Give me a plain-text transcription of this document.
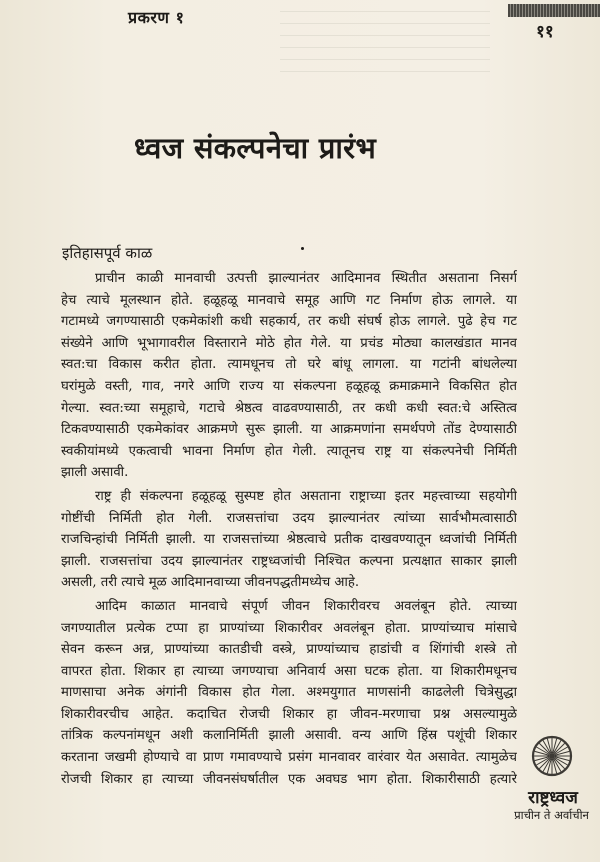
प्रकरण १
११
ध्वज संकल्पनेचा प्रारंभ
इतिहासपूर्व काळ
प्राचीन काळी मानवाची उत्पत्ती झाल्यानंतर आदिमानव स्थितीत असताना निसर्ग
हेच त्याचे मूलस्थान होते. हळूहळू मानवाचे समूह आणि गट निर्माण होऊ लागले. या
गटामध्ये जगण्यासाठी एकमेकांशी कधी सहकार्य, तर कधी संघर्ष होऊ लागले. पुढे हेच गट
संख्येने आणि भूभागावरील विस्ताराने मोठे होत गेले. या प्रचंड मोठ्या कालखंडात मानव
स्वत:चा विकास करीत होता. त्यामधूनच तो घरे बांधू लागला. या गटांनी बांधलेल्या
घरांमुळे वस्ती, गाव, नगरे आणि राज्य या संकल्पना हळूहळू क्रमाक्रमाने विकसित होत
गेल्या. स्वत:च्या समूहाचे, गटाचे श्रेष्ठत्व वाढवण्यासाठी, तर कधी कधी स्वत:चे अस्तित्व
टिकवण्यासाठी एकमेकांवर आक्रमणे सुरू झाली. या आक्रमणांना समर्थपणे तोंड देण्यासाठी
स्वकीयांमध्ये एकत्वाची भावना निर्माण होत गेली. त्यातूनच राष्ट्र या संकल्पनेची निर्मिती
झाली असावी.
राष्ट्र ही संकल्पना हळूहळू सुस्पष्ट होत असताना राष्ट्राच्या इतर महत्त्वाच्या सहयोगी
गोष्टींची निर्मिती होत गेली. राजसत्तांचा उदय झाल्यानंतर त्यांच्या सार्वभौमत्वासाठी
राजचिन्हांची निर्मिती झाली. या राजसत्तांच्या श्रेष्ठत्वाचे प्रतीक दाखवण्यातून ध्वजांची निर्मिती
झाली. राजसत्तांचा उदय झाल्यानंतर राष्ट्रध्वजांची निश्चित कल्पना प्रत्यक्षात साकार झाली
असली, तरी त्याचे मूळ आदिमानवाच्या जीवनपद्धतीमध्येच आहे.
आदिम काळात मानवाचे संपूर्ण जीवन शिकारीवरच अवलंबून होते. त्याच्या
जगण्यातील प्रत्येक टप्पा हा प्राण्यांच्या शिकारीवर अवलंबून होता. प्राण्यांच्याच मांसाचे
सेवन करून अन्न, प्राण्यांच्या कातडीची वस्त्रे, प्राण्यांच्याच हाडांची व शिंगांची शस्त्रे तो
वापरत होता. शिकार हा त्याच्या जगण्याचा अनिवार्य असा घटक होता. या शिकारीमधूनच
माणसाचा अनेक अंगांनी विकास होत गेला. अश्मयुगात माणसांनी काढलेली चित्रेसुद्धा
शिकारीवरचीच आहेत. कदाचित रोजची शिकार हा जीवन-मरणाचा प्रश्न असल्यामुळे
तांत्रिक कल्पनांमधून अशी कलानिर्मिती झाली असावी. वन्य आणि हिंस्र पशूंची शिकार
करताना जखमी होण्याचे वा प्राण गमावण्याचे प्रसंग मानवावर वारंवार येत असावेत. त्यामुळेच
रोजची शिकार हा त्याच्या जीवनसंघर्षातील एक अवघड भाग होता. शिकारीसाठी हत्यारे
राष्ट्रध्वज
प्राचीन ते अर्वाचीन
